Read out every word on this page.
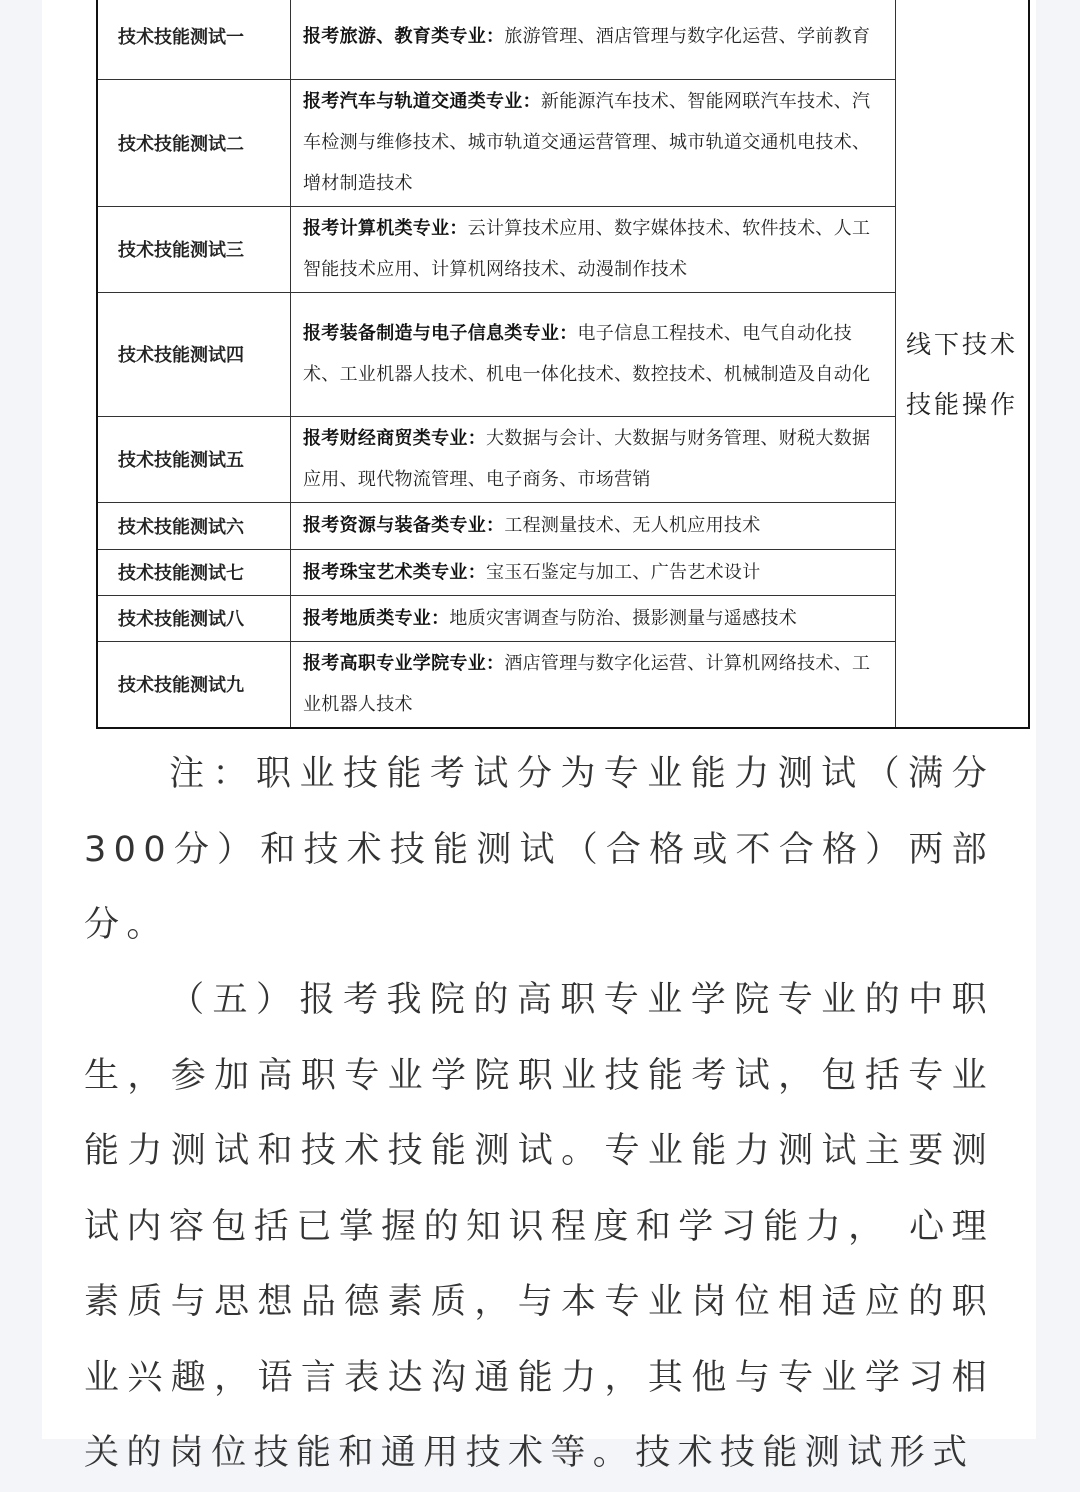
技术技能测试一	报考旅游、教育类专业：旅游管理、酒店管理与数字化运营、学前教育	线下技术技能操作
技术技能测试二	报考汽车与轨道交通类专业：新能源汽车技术、智能网联汽车技术、汽车检测与维修技术、城市轨道交通运营管理、城市轨道交通机电技术、增材制造技术	
技术技能测试三	报考计算机类专业：云计算技术应用、数字媒体技术、软件技术、人工智能技术应用、计算机网络技术、动漫制作技术	
技术技能测试四	报考装备制造与电子信息类专业：电子信息工程技术、电气自动化技术、工业机器人技术、机电一体化技术、数控技术、机械制造及自动化	
技术技能测试五	报考财经商贸类专业：大数据与会计、大数据与财务管理、财税大数据应用、现代物流管理、电子商务、市场营销	
技术技能测试六	报考资源与装备类专业：工程测量技术、无人机应用技术	
技术技能测试七	报考珠宝艺术类专业：宝玉石鉴定与加工、广告艺术设计	
技术技能测试八	报考地质类专业：地质灾害调查与防治、摄影测量与遥感技术	
技术技能测试九	报考高职专业学院专业：酒店管理与数字化运营、计算机网络技术、工业机器人技术	

注：职业技能考试分为专业能力测试（满分300分）和技术技能测试（合格或不合格）两部分。

（五）报考我院的高职专业学院专业的中职生，参加高职专业学院职业技能考试，包括专业能力测试和技术技能测试。专业能力测试主要测试内容包括已掌握的知识程度和学习能力， 心理素质与思想品德素质，与本专业岗位相适应的职业兴趣，语言表达沟通能力，其他与专业学习相关的岗位技能和通用技术等。技术技能测试形式
